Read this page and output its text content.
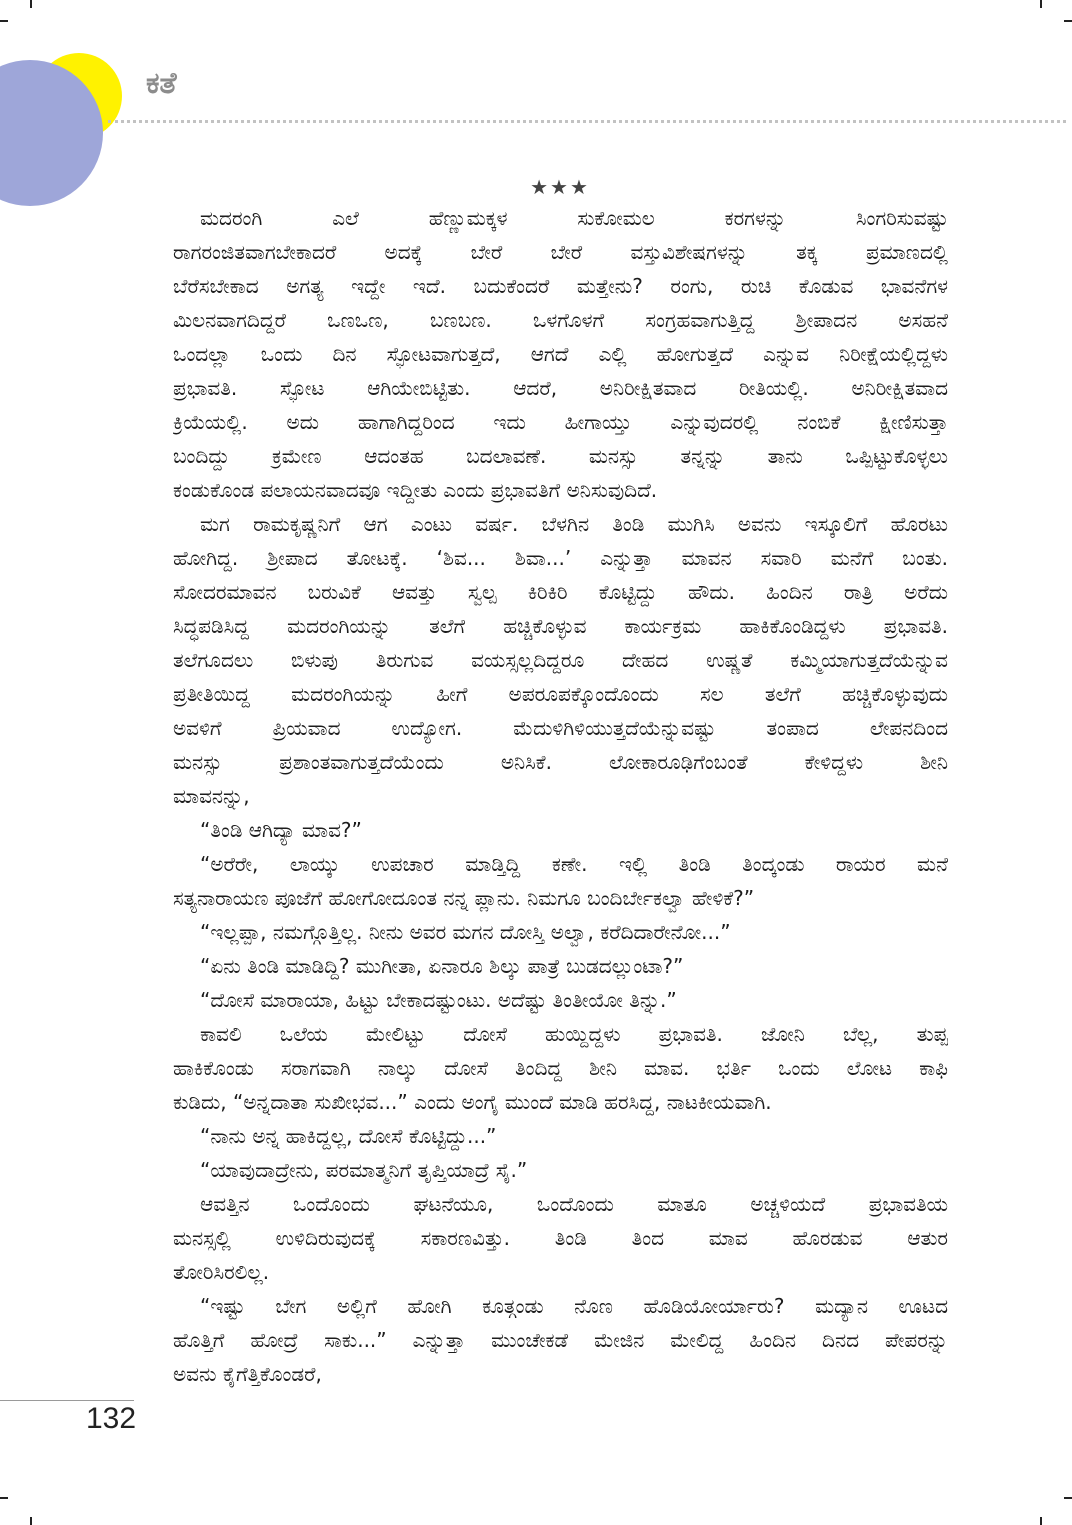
ಕತೆ
★★★
ಮದರಂಗಿ ಎಲೆ ಹೆಣ್ಣುಮಕ್ಕಳ ಸುಕೋಮಲ ಕರಗಳನ್ನು ಸಿಂಗರಿಸುವಷ್ಟು
ರಾಗರಂಜಿತವಾಗಬೇಕಾದರೆ ಅದಕ್ಕೆ ಬೇರೆ ಬೇರೆ ವಸ್ತುವಿಶೇಷಗಳನ್ನು ತಕ್ಕ ಪ್ರಮಾಣದಲ್ಲಿ
ಬೆರೆಸಬೇಕಾದ ಅಗತ್ಯ ಇದ್ದೇ ಇದೆ. ಬದುಕೆಂದರೆ ಮತ್ತೇನು? ರಂಗು, ರುಚಿ ಕೊಡುವ ಭಾವನೆಗಳ
ಮಿಲನವಾಗದಿದ್ದರೆ ಒಣಒಣ, ಬಣಬಣ. ಒಳಗೊಳಗೆ ಸಂಗ್ರಹವಾಗುತ್ತಿದ್ದ ಶ್ರೀಪಾದನ ಅಸಹನೆ
ಒಂದಲ್ಲಾ ಒಂದು ದಿನ ಸ್ಫೋಟವಾಗುತ್ತದೆ, ಆಗದೆ ಎಲ್ಲಿ ಹೋಗುತ್ತದೆ ಎನ್ನುವ ನಿರೀಕ್ಷೆಯಲ್ಲಿದ್ದಳು
ಪ್ರಭಾವತಿ. ಸ್ಫೋಟ ಆಗಿಯೇಬಿಟ್ಟಿತು. ಆದರೆ, ಅನಿರೀಕ್ಷಿತವಾದ ರೀತಿಯಲ್ಲಿ. ಅನಿರೀಕ್ಷಿತವಾದ
ಕ್ರಿಯೆಯಲ್ಲಿ. ಅದು ಹಾಗಾಗಿದ್ದರಿಂದ ಇದು ಹೀಗಾಯ್ತು ಎನ್ನುವುದರಲ್ಲಿ ನಂಬಿಕೆ ಕ್ಷೀಣಿಸುತ್ತಾ
ಬಂದಿದ್ದು ಕ್ರಮೇಣ ಆದಂತಹ ಬದಲಾವಣೆ. ಮನಸ್ಸು ತನ್ನನ್ನು ತಾನು ಒಪ್ಪಿಟ್ಟುಕೊಳ್ಳಲು
ಕಂಡುಕೊಂಡ ಪಲಾಯನವಾದವೂ ಇದ್ದೀತು ಎಂದು ಪ್ರಭಾವತಿಗೆ ಅನಿಸುವುದಿದೆ.
ಮಗ ರಾಮಕೃಷ್ಣನಿಗೆ ಆಗ ಎಂಟು ವರ್ಷ. ಬೆಳಗಿನ ತಿಂಡಿ ಮುಗಿಸಿ ಅವನು ಇಸ್ಕೂಲಿಗೆ ಹೊರಟು
ಹೋಗಿದ್ದ. ಶ್ರೀಪಾದ ತೋಟಕ್ಕೆ. ‘ಶಿವ... ಶಿವಾ...’ ಎನ್ನುತ್ತಾ ಮಾವನ ಸವಾರಿ ಮನೆಗೆ ಬಂತು.
ಸೋದರಮಾವನ ಬರುವಿಕೆ ಆವತ್ತು ಸ್ವಲ್ಪ ಕಿರಿಕಿರಿ ಕೊಟ್ಟಿದ್ದು ಹೌದು. ಹಿಂದಿನ ರಾತ್ರಿ ಅರೆದು
ಸಿದ್ಧಪಡಿಸಿದ್ದ ಮದರಂಗಿಯನ್ನು ತಲೆಗೆ ಹಚ್ಚಿಕೊಳ್ಳುವ ಕಾರ್ಯಕ್ರಮ ಹಾಕಿಕೊಂಡಿದ್ದಳು ಪ್ರಭಾವತಿ.
ತಲೆಗೂದಲು ಬಿಳುಪು ತಿರುಗುವ ವಯಸ್ಸಲ್ಲದಿದ್ದರೂ ದೇಹದ ಉಷ್ಣತೆ ಕಮ್ಮಿಯಾಗುತ್ತದೆಯೆನ್ನುವ
ಪ್ರತೀತಿಯಿದ್ದ ಮದರಂಗಿಯನ್ನು ಹೀಗೆ ಅಪರೂಪಕ್ಕೊಂದೊಂದು ಸಲ ತಲೆಗೆ ಹಚ್ಚಿಕೊಳ್ಳುವುದು
ಅವಳಿಗೆ ಪ್ರಿಯವಾದ ಉದ್ಯೋಗ. ಮೆದುಳಿಗಿಳಿಯುತ್ತದೆಯೆನ್ನುವಷ್ಟು ತಂಪಾದ ಲೇಪನದಿಂದ
ಮನಸ್ಸು ಪ್ರಶಾಂತವಾಗುತ್ತದೆಯೆಂದು ಅನಿಸಿಕೆ. ಲೋಕಾರೂಢಿಗೆಂಬಂತೆ ಕೇಳಿದ್ದಳು ಶೀನಿ
ಮಾವನನ್ನು,
“ತಿಂಡಿ ಆಗಿದ್ಯಾ ಮಾವ?”
“ಅರೆರೇ, ಲಾಯ್ಕು ಉಪಚಾರ ಮಾಡ್ತಿದ್ದಿ ಕಣೇ. ಇಲ್ಲಿ ತಿಂಡಿ ತಿಂದ್ಕಂಡು ರಾಯರ ಮನೆ
ಸತ್ಯನಾರಾಯಣ ಪೂಜೆಗೆ ಹೋಗೋದೂಂತ ನನ್ನ ಪ್ಲಾನು. ನಿಮಗೂ ಬಂದಿರ್ಬೇಕಲ್ವಾ ಹೇಳಿಕೆ?”
“ಇಲ್ಲಪ್ಪಾ, ನಮಗ್ಗೊತ್ತಿಲ್ಲ. ನೀನು ಅವರ ಮಗನ ದೋಸ್ತಿ ಅಲ್ವಾ, ಕರೆದಿದಾರೇನೋ...”
“ಏನು ತಿಂಡಿ ಮಾಡಿದ್ದಿ? ಮುಗೀತಾ, ಏನಾರೂ ಶಿಲ್ಕು ಪಾತ್ರೆ ಬುಡದಲ್ಲುಂಟಾ?”
“ದೋಸೆ ಮಾರಾಯಾ, ಹಿಟ್ಟು ಬೇಕಾದಷ್ಟುಂಟು. ಅದೆಷ್ಟು ತಿಂತೀಯೋ ತಿನ್ನು.”
ಕಾವಲಿ ಒಲೆಯ ಮೇಲಿಟ್ಟು ದೋಸೆ ಹುಯ್ದಿದ್ದಳು ಪ್ರಭಾವತಿ. ಜೋನಿ ಬೆಲ್ಲ, ತುಪ್ಪ
ಹಾಕಿಕೊಂಡು ಸರಾಗವಾಗಿ ನಾಲ್ಕು ದೋಸೆ ತಿಂದಿದ್ದ ಶೀನಿ ಮಾವ. ಭರ್ತಿ ಒಂದು ಲೋಟ ಕಾಫಿ
ಕುಡಿದು, “ಅನ್ನದಾತಾ ಸುಖೀಭವ...” ಎಂದು ಅಂಗೈ ಮುಂದೆ ಮಾಡಿ ಹರಸಿದ್ದ, ನಾಟಕೀಯವಾಗಿ.
“ನಾನು ಅನ್ನ ಹಾಕಿದ್ದಲ್ಲ, ದೋಸೆ ಕೊಟ್ಟಿದ್ದು...”
“ಯಾವುದಾದ್ರೇನು, ಪರಮಾತ್ಮನಿಗೆ ತೃಪ್ತಿಯಾದ್ರೆ ಸೈ.”
ಆವತ್ತಿನ ಒಂದೊಂದು ಘಟನೆಯೂ, ಒಂದೊಂದು ಮಾತೂ ಅಚ್ಚಳಿಯದೆ ಪ್ರಭಾವತಿಯ
ಮನಸ್ಸಲ್ಲಿ ಉಳಿದಿರುವುದಕ್ಕೆ ಸಕಾರಣವಿತ್ತು. ತಿಂಡಿ ತಿಂದ ಮಾವ ಹೊರಡುವ ಆತುರ
ತೋರಿಸಿರಲಿಲ್ಲ.
“ಇಷ್ಟು ಬೇಗ ಅಲ್ಲಿಗೆ ಹೋಗಿ ಕೂತ್ಗಂಡು ನೊಣ ಹೊಡಿಯೋರ್ಯಾರು? ಮದ್ಯಾನ ಊಟದ
ಹೊತ್ತಿಗೆ ಹೋದ್ರೆ ಸಾಕು...” ಎನ್ನುತ್ತಾ ಮುಂಚೇಕಡೆ ಮೇಜಿನ ಮೇಲಿದ್ದ ಹಿಂದಿನ ದಿನದ ಪೇಪರನ್ನು
ಅವನು ಕೈಗೆತ್ತಿಕೊಂಡರೆ,
132
